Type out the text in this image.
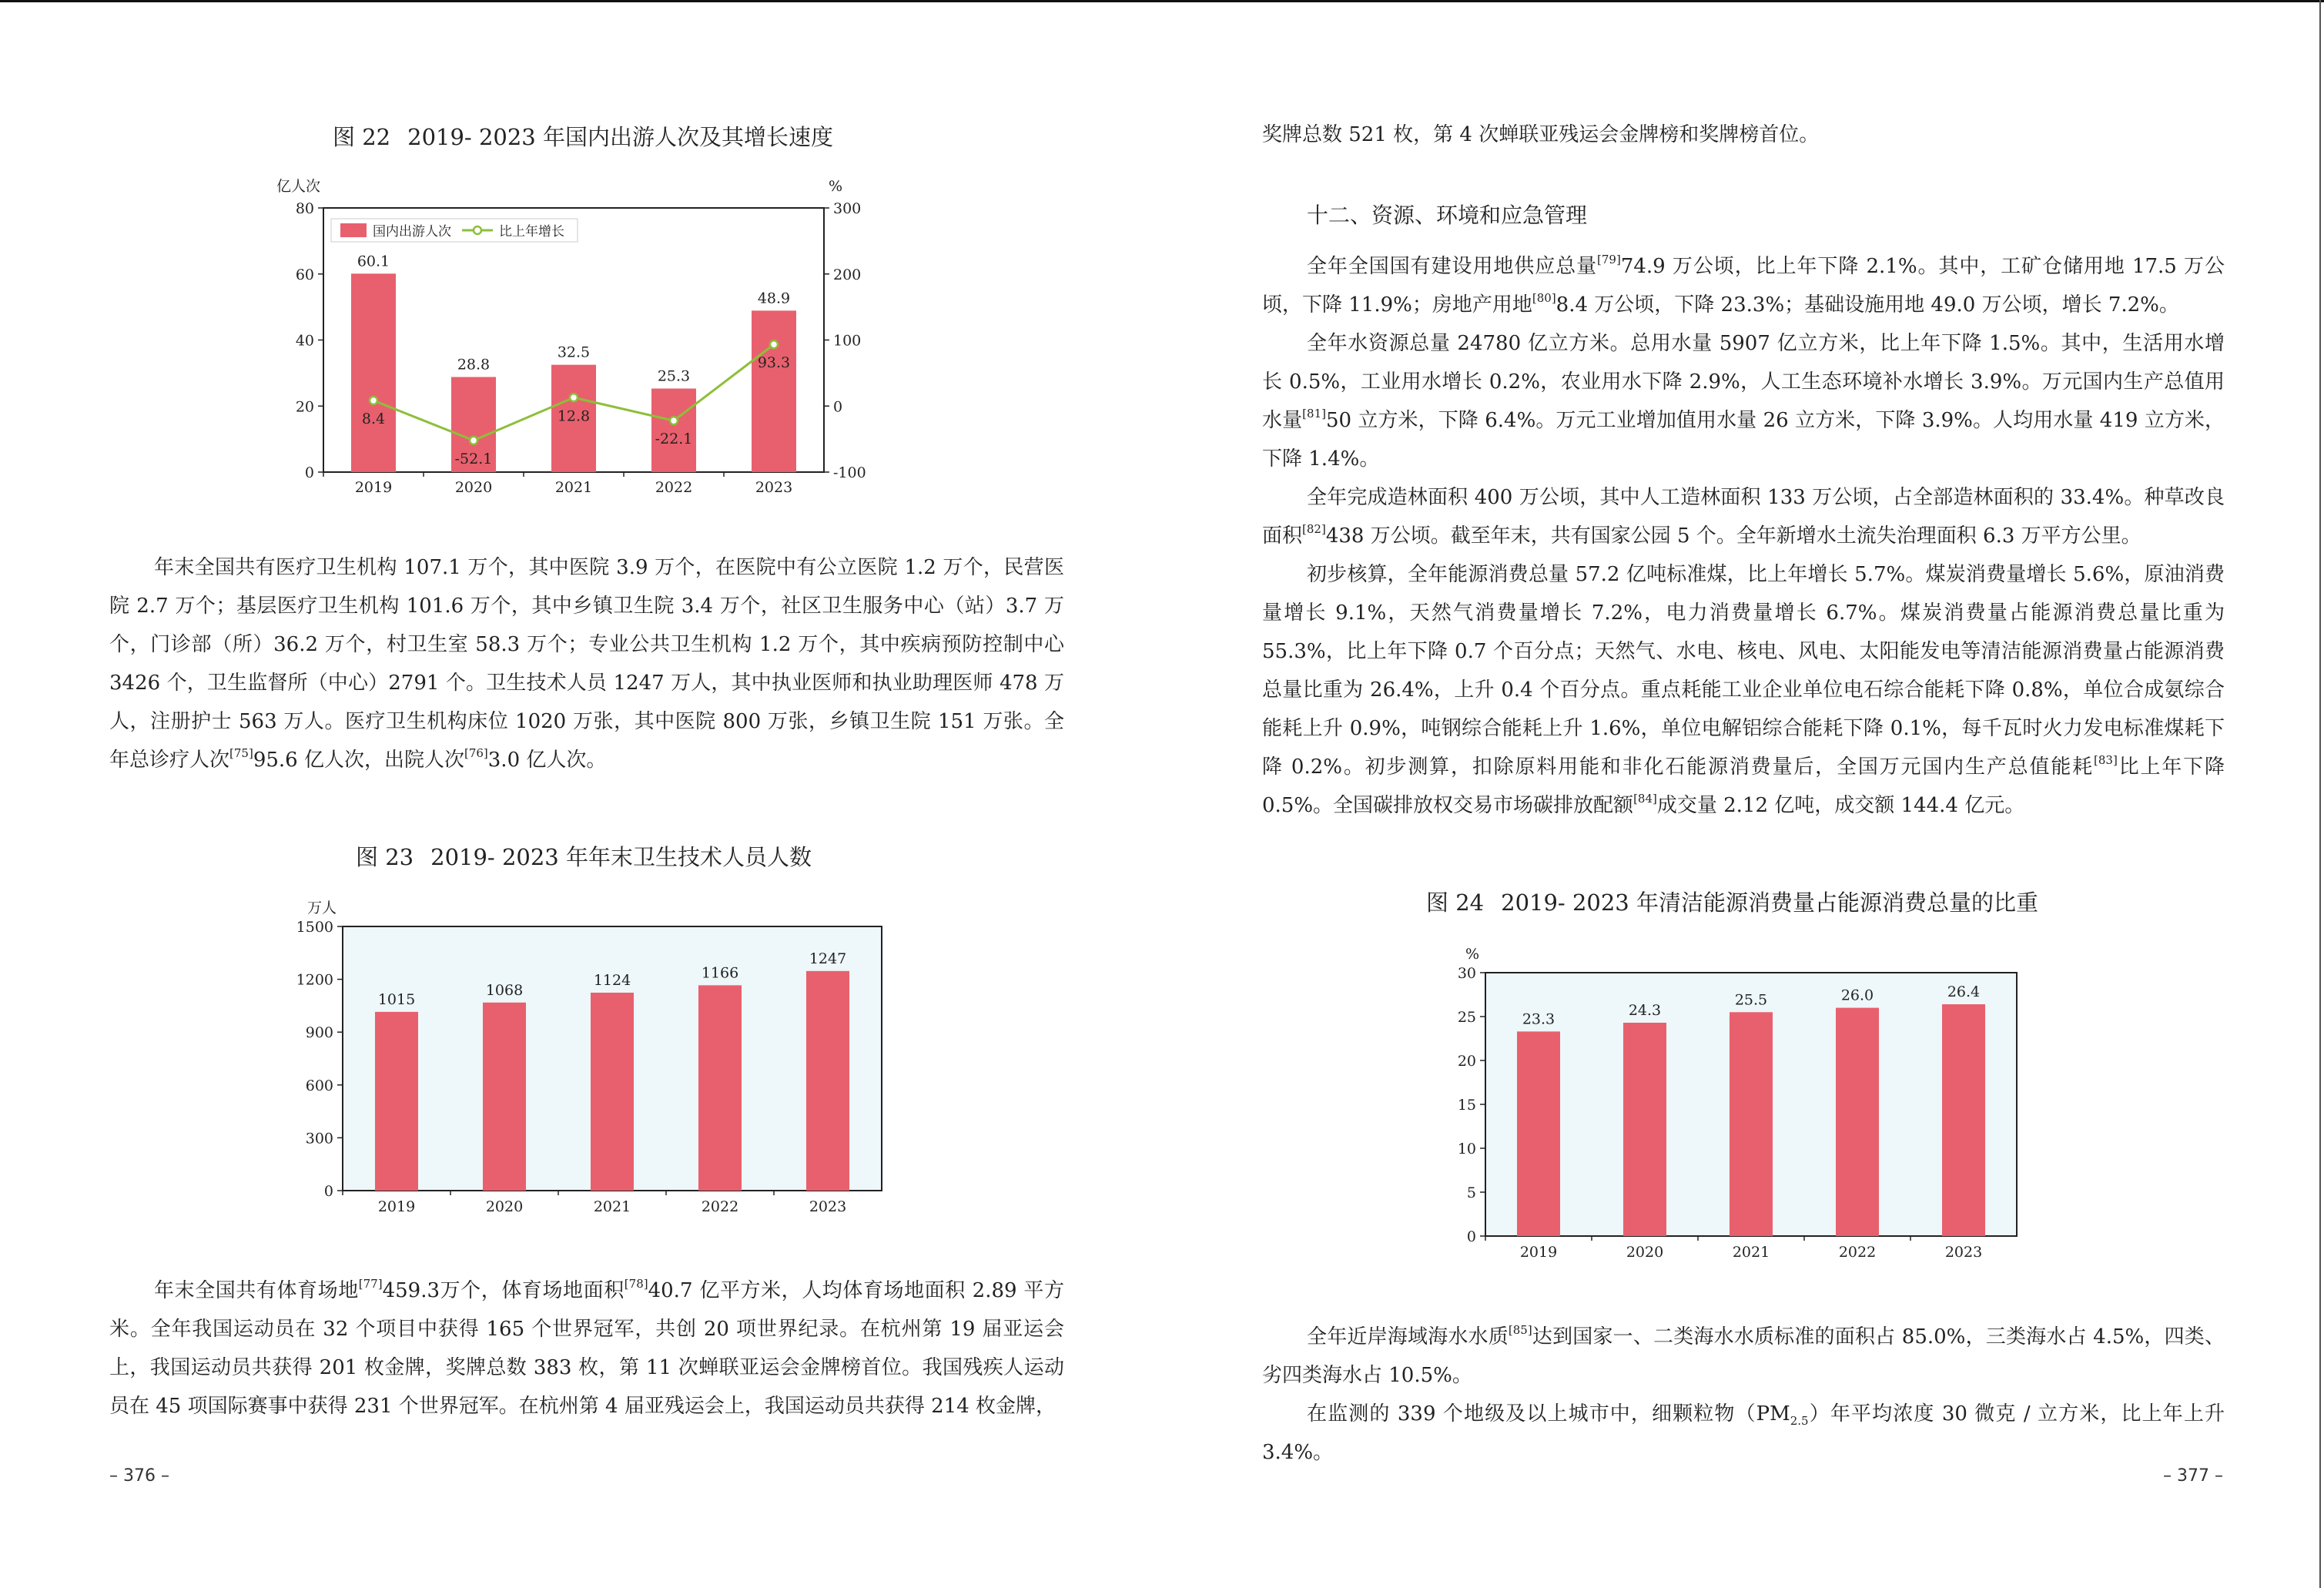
图 22 2019- 2023 年国内出游人次及其增长速度
亿人次	%
0
20
40
60
80
-100
0
100
200
300
60.1
2019
28.8
2020
32.5
2021
25.3
2022
48.9
2023
8.4
-52.1
12.8
-22.1
93.3
国内出游人次	比上年增长

年末全国共有医疗卫生机构 107.1 万个，其中医院 3.9 万个，在医院中有公立医院 1.2 万个，民营医院 2.7 万个；基层医疗卫生机构 101.6 万个，其中乡镇卫生院 3.4 万个，社区卫生服务中心（站）3.7 万个，门诊部（所）36.2 万个，村卫生室 58.3 万个；专业公共卫生机构 1.2 万个，其中疾病预防控制中心 3426 个，卫生监督所（中心）2791 个。卫生技术人员 1247 万人，其中执业医师和执业助理医师 478 万人，注册护士 563 万人。医疗卫生机构床位 1020 万张，其中医院 800 万张，乡镇卫生院 151 万张。全年总诊疗人次[75]95.6 亿人次，出院人次[76]3.0 亿人次。

图 23 2019- 2023 年年末卫生技术人员人数
万人
0
300
600
900
1200
1500
1015
2019
1068
2020
1124
2021
1166
2022
1247
2023

年末全国共有体育场地[77]459.3万个，体育场地面积[78]40.7 亿平方米，人均体育场地面积 2.89 平方米。全年我国运动员在 32 个项目中获得 165 个世界冠军，共创 20 项世界纪录。在杭州第 19 届亚运会上，我国运动员共获得 201 枚金牌，奖牌总数 383 枚，第 11 次蝉联亚运会金牌榜首位。我国残疾人运动员在 45 项国际赛事中获得 231 个世界冠军。在杭州第 4 届亚残运会上，我国运动员共获得 214 枚金牌，

– 376 –

奖牌总数 521 枚，第 4 次蝉联亚残运会金牌榜和奖牌榜首位。

十二、资源、环境和应急管理

全年全国国有建设用地供应总量[79]74.9 万公顷，比上年下降 2.1%。其中，工矿仓储用地 17.5 万公顷，下降 11.9%；房地产用地[80]8.4 万公顷，下降 23.3%；基础设施用地 49.0 万公顷，增长 7.2%。

全年水资源总量 24780 亿立方米。总用水量 5907 亿立方米，比上年下降 1.5%。其中，生活用水增长 0.5%，工业用水增长 0.2%，农业用水下降 2.9%，人工生态环境补水增长 3.9%。万元国内生产总值用水量[81]50 立方米，下降 6.4%。万元工业增加值用水量 26 立方米，下降 3.9%。人均用水量 419 立方米，下降 1.4%。

全年完成造林面积 400 万公顷，其中人工造林面积 133 万公顷，占全部造林面积的 33.4%。种草改良面积[82]438 万公顷。截至年末，共有国家公园 5 个。全年新增水土流失治理面积 6.3 万平方公里。

初步核算，全年能源消费总量 57.2 亿吨标准煤，比上年增长 5.7%。煤炭消费量增长 5.6%，原油消费量增长 9.1%，天然气消费量增长 7.2%，电力消费量增长 6.7%。煤炭消费量占能源消费总量比重为 55.3%，比上年下降 0.7 个百分点；天然气、水电、核电、风电、太阳能发电等清洁能源消费量占能源消费总量比重为 26.4%，上升 0.4 个百分点。重点耗能工业企业单位电石综合能耗下降 0.8%，单位合成氨综合能耗上升 0.9%，吨钢综合能耗上升 1.6%，单位电解铝综合能耗下降 0.1%，每千瓦时火力发电标准煤耗下降 0.2%。初步测算，扣除原料用能和非化石能源消费量后，全国万元国内生产总值能耗[83]比上年下降 0.5%。全国碳排放权交易市场碳排放配额[84]成交量 2.12 亿吨，成交额 144.4 亿元。

图 24 2019- 2023 年清洁能源消费量占能源消费总量的比重
%
0
5
10
15
20
25
30
23.3
2019
24.3
2020
25.5
2021
26.0
2022
26.4
2023

全年近岸海域海水水质[85]达到国家一、二类海水水质标准的面积占 85.0%，三类海水占 4.5%，四类、劣四类海水占 10.5%。

在监测的 339 个地级及以上城市中，细颗粒物$(PM_{2.5})$年平均浓度 30 微克 / 立方米，比上年上升 3.4%。

– 377 –
